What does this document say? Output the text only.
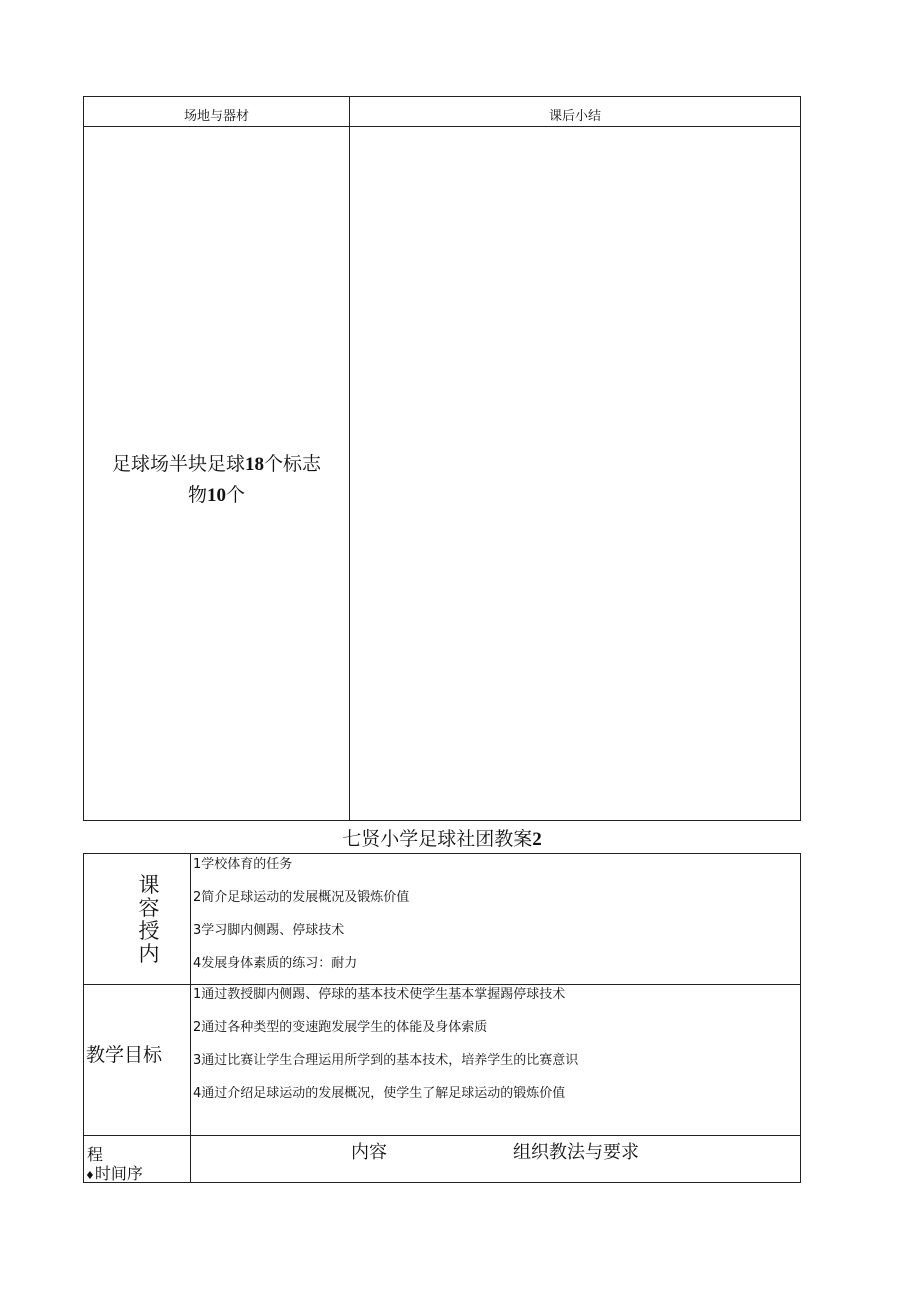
场地与器材	课后小结
足球场半块足球18个标志
物10个
七贤小学足球社团教案2
课
容
授
内
1学校体育的任务
2简介足球运动的发展概况及锻炼价值
3学习脚内侧踢、停球技术
4发展身体素质的练习：耐力
教学目标
1通过教授脚内侧踢、停球的基本技术使学生基本掌握踢停球技术
2通过各种类型的变速跑发展学生的体能及身体索质
3通过比赛让学生合理运用所学到的基本技术，培养学生的比赛意识
4通过介绍足球运动的发展概况，使学生了解足球运动的锻炼价值
程
♦时间序
内容	组织教法与要求
